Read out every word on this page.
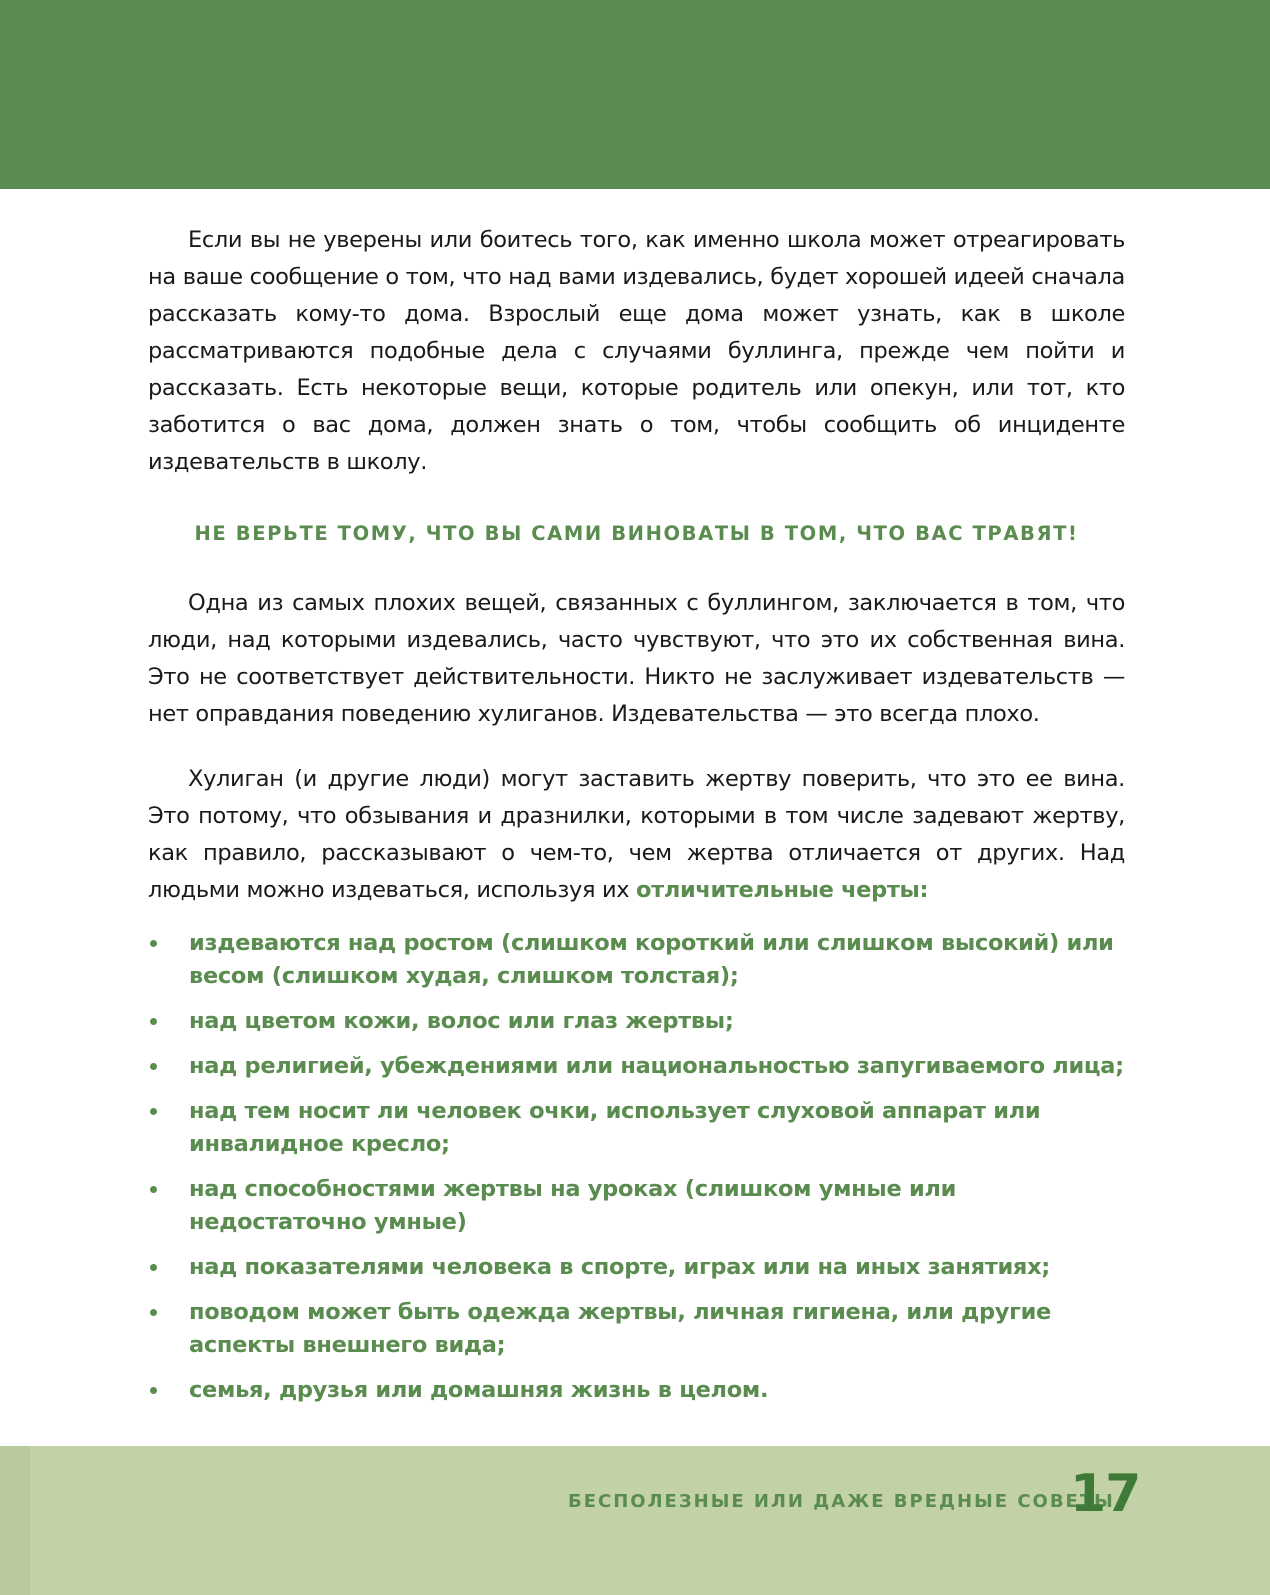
Если вы не уверены или боитесь того, как именно школа может отреагировать на ваше сообщение о том, что над вами издевались, будет хорошей идеей сначала рассказать кому-то дома. Взрослый еще дома может узнать, как в школе рассматриваются подобные дела с случаями буллинга, прежде чем пойти и рассказать. Есть некоторые вещи, которые родитель или опекун, или тот, кто заботится о вас дома, должен знать о том, чтобы сообщить об инциденте издевательств в школу.

НЕ ВЕРЬТЕ ТОМУ, ЧТО ВЫ САМИ ВИНОВАТЫ В ТОМ, ЧТО ВАС ТРАВЯТ!

Одна из самых плохих вещей, связанных с буллингом, заключается в том, что люди, над которыми издевались, часто чувствуют, что это их собственная вина. Это не соответствует действительности. Никто не заслуживает издевательств — нет оправдания поведению хулиганов. Издевательства — это всегда плохо.

Хулиган (и другие люди) могут заставить жертву поверить, что это ее вина. Это потому, что обзывания и дразнилки, которыми в том числе задевают жертву, как правило, рассказывают о чем-то, чем жертва отличается от других. Над людьми можно издеваться, используя их отличительные черты:

издеваются над ростом (слишком короткий или слишком высокий) или весом (слишком худая, слишком толстая);
над цветом кожи, волос или глаз жертвы;
над религией, убеждениями или национальностью запугиваемого лица;
над тем носит ли человек очки, использует слуховой аппарат или инвалидное кресло;
над способностями жертвы на уроках (слишком умные или недостаточно умные)
над показателями человека в спорте, играх или на иных занятиях;
поводом может быть одежда жертвы, личная гигиена, или другие аспекты внешнего вида;
семья, друзья или домашняя жизнь в целом.
БЕСПОЛЕЗНЫЕ ИЛИ ДАЖЕ ВРЕДНЫЕ СОВЕТЫ
17
